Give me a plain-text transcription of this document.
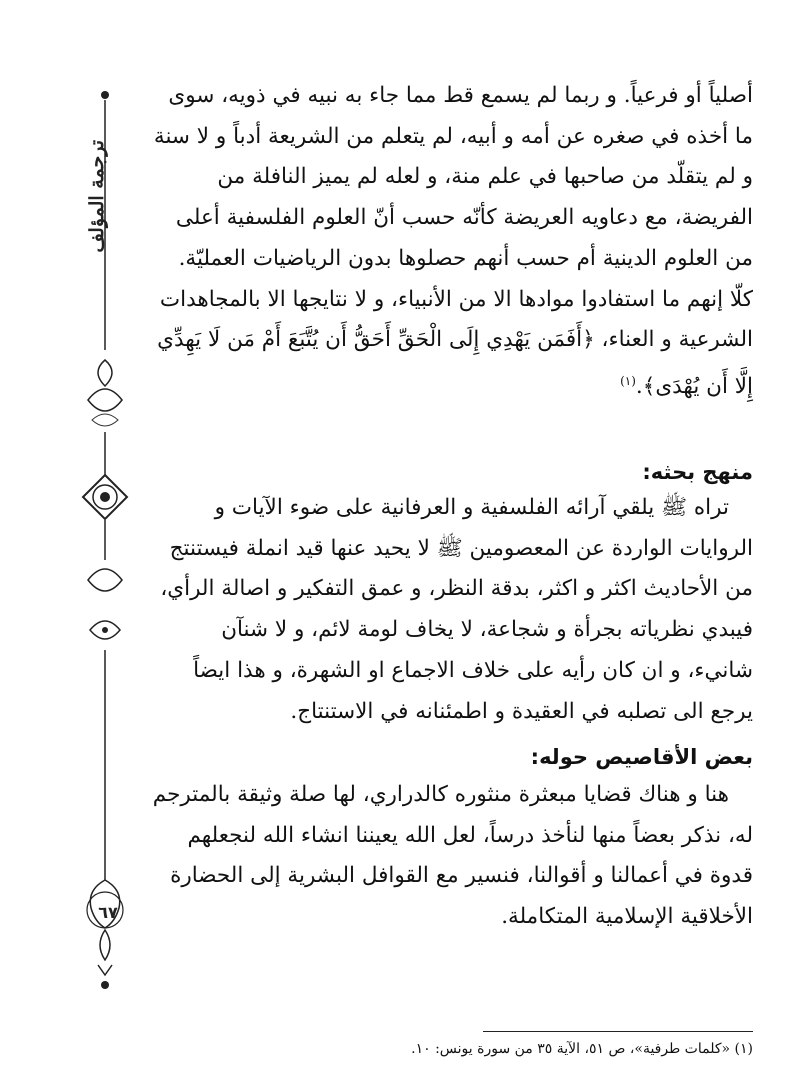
ترجمة المؤلف
٦٧

أصلياً أو فرعياً. و ربما لم يسمع قط مما جاء به نبيه في ذويه، سوى ما أخذه في صغره عن أمه و أبيه، لم يتعلم من الشريعة أدباً و لا سنة و لم يتقلّد من صاحبها في علم منة، و لعله لم يميز النافلة من الفريضة، مع دعاويه العريضة كأنّه حسب أنّ العلوم الفلسفية أعلى من العلوم الدينية أم حسب أنهم حصلوها بدون الرياضيات العمليّة. كلّا إنهم ما استفادوا موادها الا من الأنبياء، و لا نتايجها الا بالمجاهدات الشرعية و العناء، ﴿أَفَمَن يَهْدِي إِلَى الْحَقِّ أَحَقُّ أَن يُتَّبَعَ أَمْ مَن لَا يَهِدِّي إِلَّا أَن يُهْدَى﴾.$^{(١)}$

منهج بحثه:

تراه ﷺ يلقي آرائه الفلسفية و العرفانية على ضوء الآيات و الروايات الواردة عن المعصومين ﷺ لا يحيد عنها قيد انملة فيستنتج من الأحاديث اكثر و اكثر، بدقة النظر، و عمق التفكير و اصالة الرأي، فيبدي نظرياته بجرأة و شجاعة، لا يخاف لومة لائم، و لا شنآن شانيء، و ان كان رأيه على خلاف الاجماع او الشهرة، و هذا ايضاً يرجع الى تصلبه في العقيدة و اطمئنانه في الاستنتاج.

بعض الأقاصيص حوله:

هنا و هناك قضايا مبعثرة منثوره كالدراري، لها صلة وثيقة بالمترجم له، نذكر بعضاً منها لنأخذ درساً، لعل الله يعيننا انشاء الله لنجعلهم قدوة في أعمالنا و أقوالنا، فنسير مع القوافل البشرية إلى الحضارة الأخلاقية الإسلامية المتكاملة.

(١) «كلمات طرفية»، ص ٥١، الآية ٣٥ من سورة يونس: ١٠.
